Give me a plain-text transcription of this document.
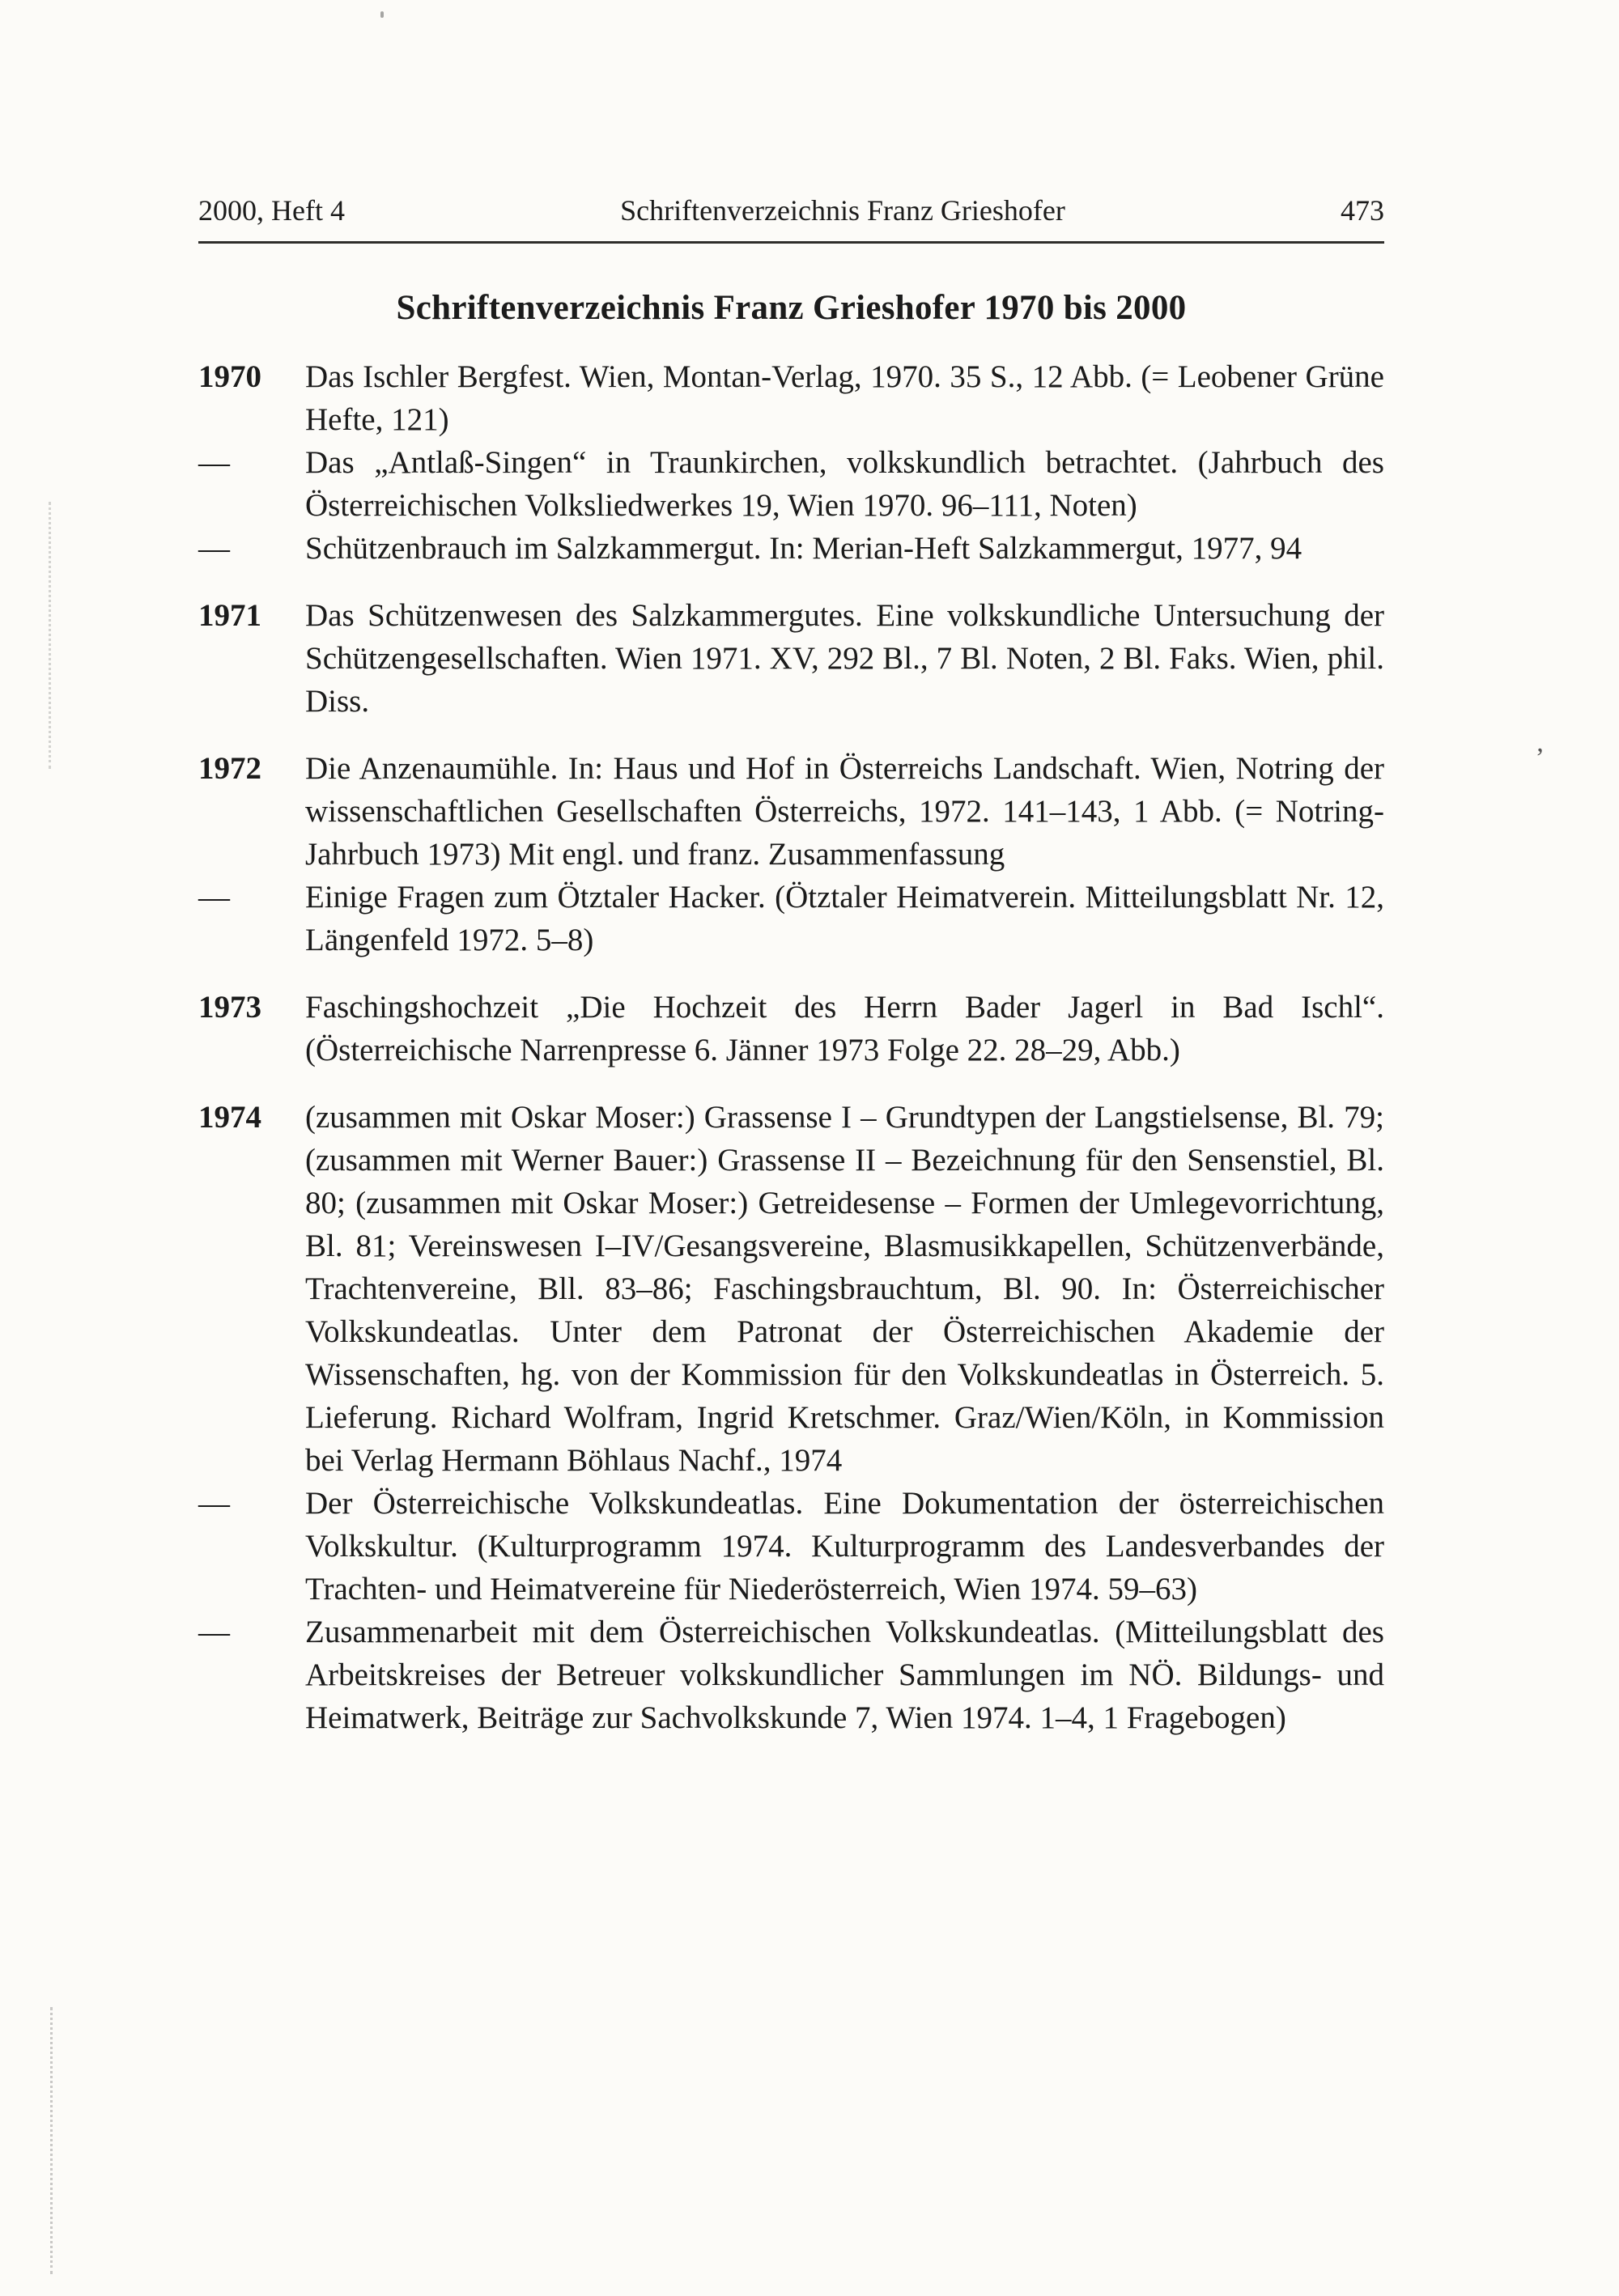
’
2000, Heft 4	Schriftenverzeichnis Franz Grieshofer	473
Schriftenverzeichnis Franz Grieshofer 1970 bis 2000
1970	Das Ischler Bergfest. Wien, Montan-Verlag, 1970. 35 S., 12 Abb. (= Leobener Grüne Hefte, 121)
—	Das „Antlaß-Singen“ in Traunkirchen, volkskundlich betrachtet. (Jahrbuch des Österreichischen Volksliedwerkes 19, Wien 1970. 96–111, Noten)
—	Schützenbrauch im Salzkammergut. In: Merian-Heft Salzkammergut, 1977, 94
1971	Das Schützenwesen des Salzkammergutes. Eine volkskundliche Untersuchung der Schützengesellschaften. Wien 1971. XV, 292 Bl., 7 Bl. Noten, 2 Bl. Faks. Wien, phil. Diss.
1972	Die Anzenaumühle. In: Haus und Hof in Österreichs Landschaft. Wien, Notring der wissenschaftlichen Gesellschaften Österreichs, 1972. 141–143, 1 Abb. (= Notring-Jahrbuch 1973) Mit engl. und franz. Zusammenfassung
—	Einige Fragen zum Ötztaler Hacker. (Ötztaler Heimatverein. Mitteilungsblatt Nr. 12, Längenfeld 1972. 5–8)
1973	Faschingshochzeit „Die Hochzeit des Herrn Bader Jagerl in Bad Ischl“. (Österreichische Narrenpresse 6. Jänner 1973 Folge 22. 28–29, Abb.)
1974	(zusammen mit Oskar Moser:) Grassense I – Grundtypen der Langstielsense, Bl. 79; (zusammen mit Werner Bauer:) Grassense II – Bezeichnung für den Sensenstiel, Bl. 80; (zusammen mit Oskar Moser:) Getreidesense – Formen der Umlegevorrichtung, Bl. 81; Vereinswesen I–IV/Gesangsvereine, Blasmusikkapellen, Schützenverbände, Trachtenvereine, Bll. 83–86; Faschingsbrauchtum, Bl. 90. In: Österreichischer Volkskundeatlas. Unter dem Patronat der Österreichischen Akademie der Wissenschaften, hg. von der Kommission für den Volkskundeatlas in Österreich. 5. Lieferung. Richard Wolfram, Ingrid Kretschmer. Graz/Wien/Köln, in Kommission bei Verlag Hermann Böhlaus Nachf., 1974
—	Der Österreichische Volkskundeatlas. Eine Dokumentation der österreichischen Volkskultur. (Kulturprogramm 1974. Kulturprogramm des Landesverbandes der Trachten- und Heimatvereine für Niederösterreich, Wien 1974. 59–63)
—	Zusammenarbeit mit dem Österreichischen Volkskundeatlas. (Mitteilungsblatt des Arbeitskreises der Betreuer volkskundlicher Sammlungen im NÖ. Bildungs- und Heimatwerk, Beiträge zur Sachvolkskunde 7, Wien 1974. 1–4, 1 Fragebogen)
